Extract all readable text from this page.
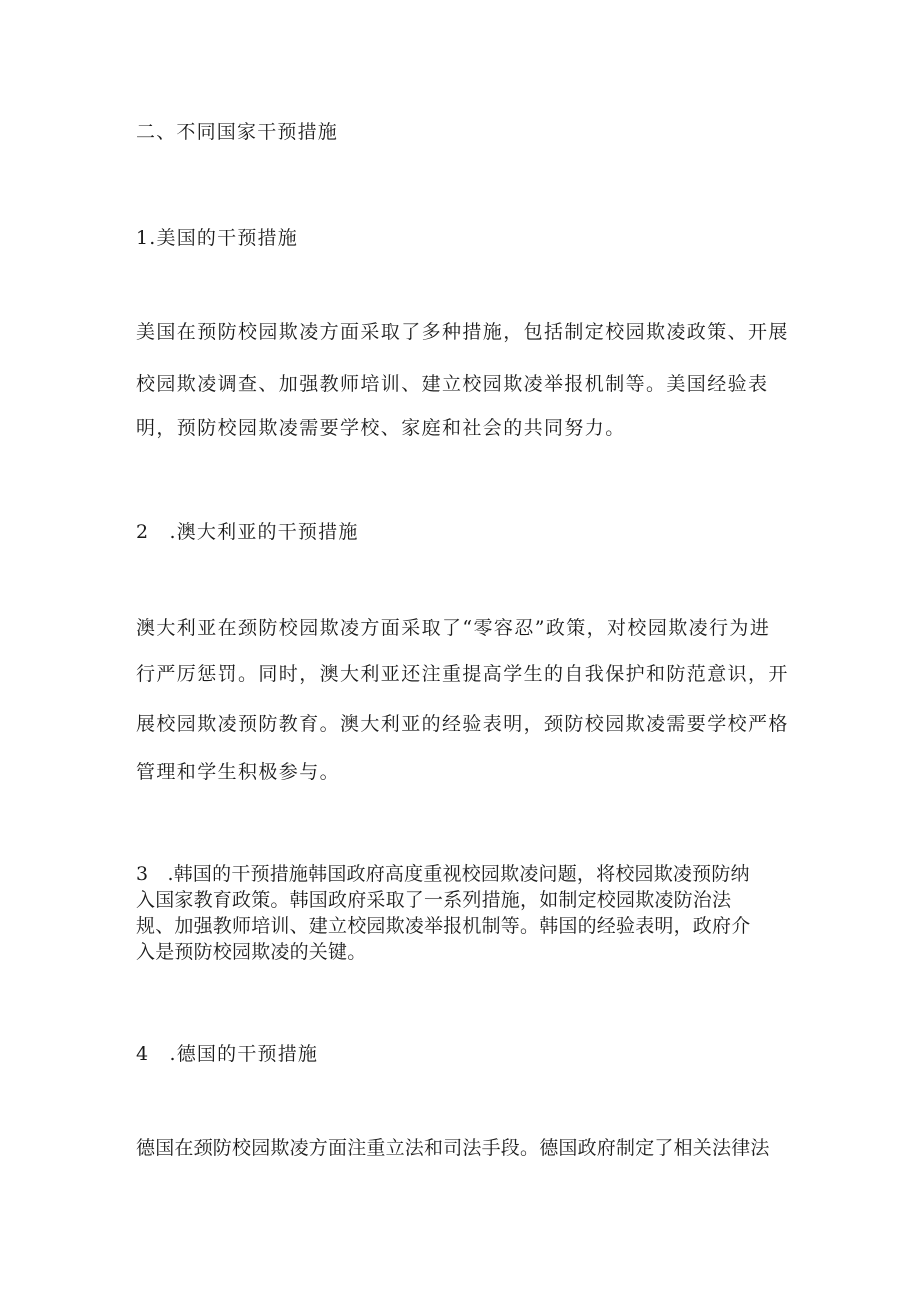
二、不同国家干预措施
1.美国的干预措施
美国在预防校园欺凌方面采取了多种措施，包括制定校园欺凌政策、开展
校园欺凌调查、加强教师培训、建立校园欺凌举报机制等。美国经验表
明，预防校园欺凌需要学校、家庭和社会的共同努力。
2　.澳大利亚的干预措施
澳大利亚在颈防校园欺凌方面采取了“零容忍”政策，对校园欺凌行为进
行严厉惩罚。同时，澳大利亚还注重提高学生的自我保护和防范意识，开
展校园欺凌预防教育。澳大利亚的经验表明，颈防校园欺凌需要学校严格
管理和学生积极参与。
3　.韩国的干预措施韩国政府高度重视校园欺凌问题，将校园欺凌预防纳
入国家教育政策。韩国政府采取了一系列措施，如制定校园欺凌防治法
规、加强教师培训、建立校园欺凌举报机制等。韩国的经验表明，政府介
入是预防校园欺凌的关键。
4　.德国的干预措施
德国在颈防校园欺凌方面注重立法和司法手段。德国政府制定了相关法律法
